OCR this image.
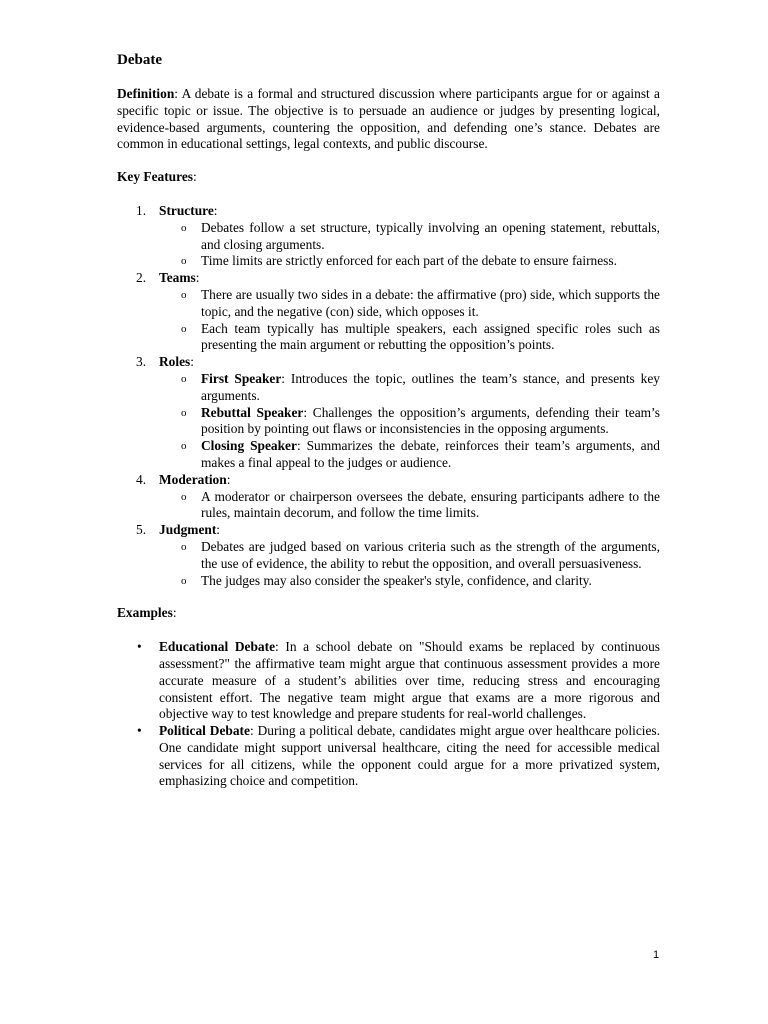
Debate

Definition: A debate is a formal and structured discussion where participants argue for or against a specific topic or issue. The objective is to persuade an audience or judges by presenting logical, evidence-based arguments, countering the opposition, and defending one’s stance. Debates are common in educational settings, legal contexts, and public discourse.

Key Features:

1. Structure:
o Debates follow a set structure, typically involving an opening statement, rebuttals, and closing arguments.
o Time limits are strictly enforced for each part of the debate to ensure fairness.
2. Teams:
o There are usually two sides in a debate: the affirmative (pro) side, which supports the topic, and the negative (con) side, which opposes it.
o Each team typically has multiple speakers, each assigned specific roles such as presenting the main argument or rebutting the opposition’s points.
3. Roles:
o First Speaker: Introduces the topic, outlines the team’s stance, and presents key arguments.
o Rebuttal Speaker: Challenges the opposition’s arguments, defending their team’s position by pointing out flaws or inconsistencies in the opposing arguments.
o Closing Speaker: Summarizes the debate, reinforces their team’s arguments, and makes a final appeal to the judges or audience.
4. Moderation:
o A moderator or chairperson oversees the debate, ensuring participants adhere to the rules, maintain decorum, and follow the time limits.
5. Judgment:
o Debates are judged based on various criteria such as the strength of the arguments, the use of evidence, the ability to rebut the opposition, and overall persuasiveness.
o The judges may also consider the speaker's style, confidence, and clarity.

Examples:

• Educational Debate: In a school debate on "Should exams be replaced by continuous assessment?" the affirmative team might argue that continuous assessment provides a more accurate measure of a student’s abilities over time, reducing stress and encouraging consistent effort. The negative team might argue that exams are a more rigorous and objective way to test knowledge and prepare students for real-world challenges.
• Political Debate: During a political debate, candidates might argue over healthcare policies. One candidate might support universal healthcare, citing the need for accessible medical services for all citizens, while the opponent could argue for a more privatized system, emphasizing choice and competition.
1
